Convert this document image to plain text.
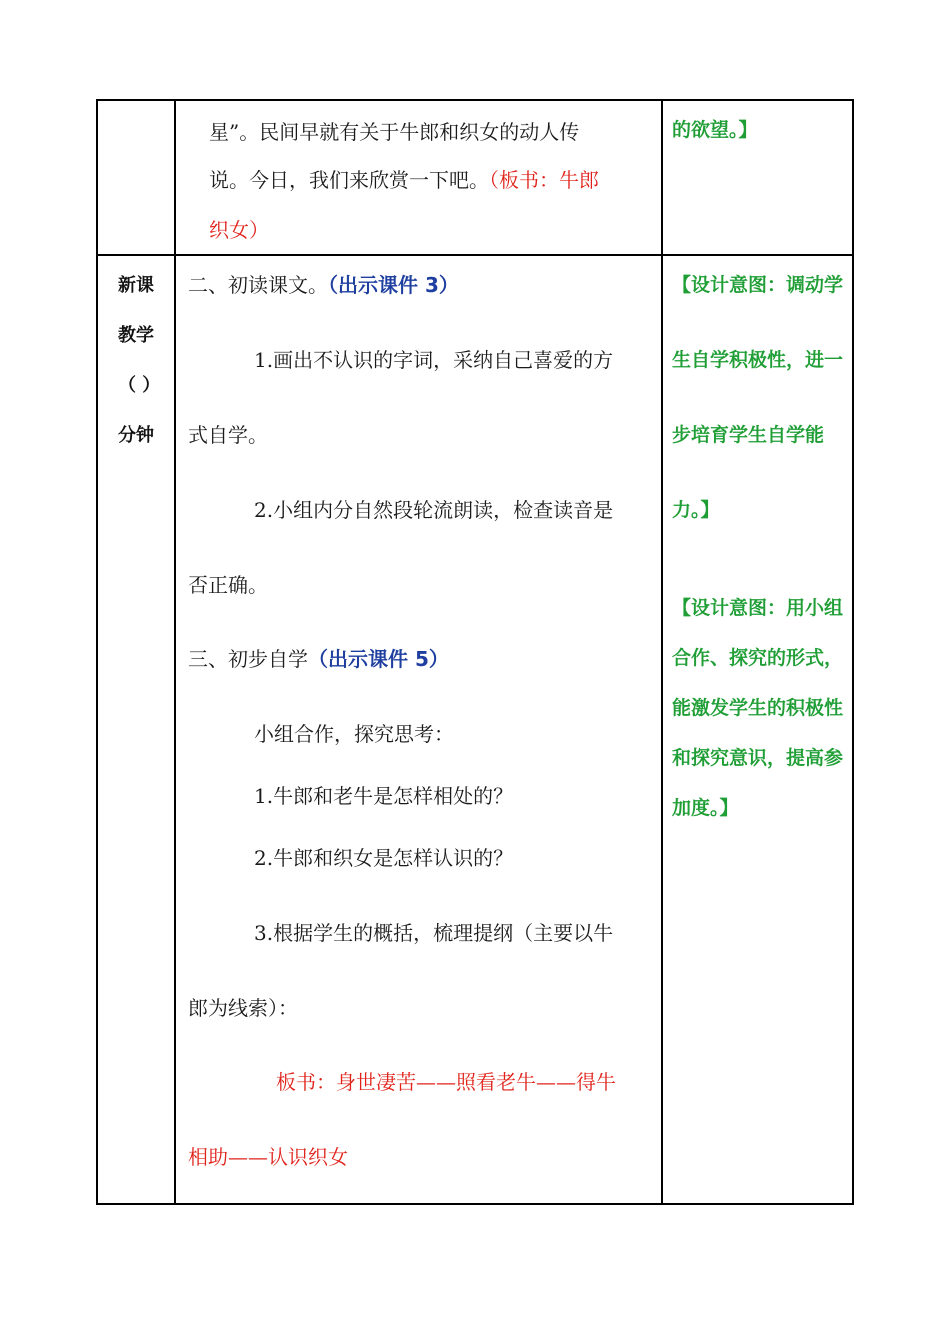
星”。民间早就有关于牛郎和织女的动人传
说。今日，我们来欣赏一下吧。（板书：牛郎
织女）
的欲望。】
新课
教学
（ ）
分钟
二、初读课文。（出示课件 3）
1.画出不认识的字词，采纳自己喜爱的方
式自学。
2.小组内分自然段轮流朗读，检查读音是
否正确。
三、初步自学（出示课件 5）
小组合作，探究思考：
1.牛郎和老牛是怎样相处的？
2.牛郎和织女是怎样认识的？
3.根据学生的概括，梳理提纲（主要以牛
郎为线索）：
板书：身世凄苦——照看老牛——得牛
相助——认识织女
【设计意图：调动学
生自学积极性，进一
步培育学生自学能
力。】
【设计意图：用小组
合作、探究的形式，
能激发学生的积极性
和探究意识，提高参
加度。】
